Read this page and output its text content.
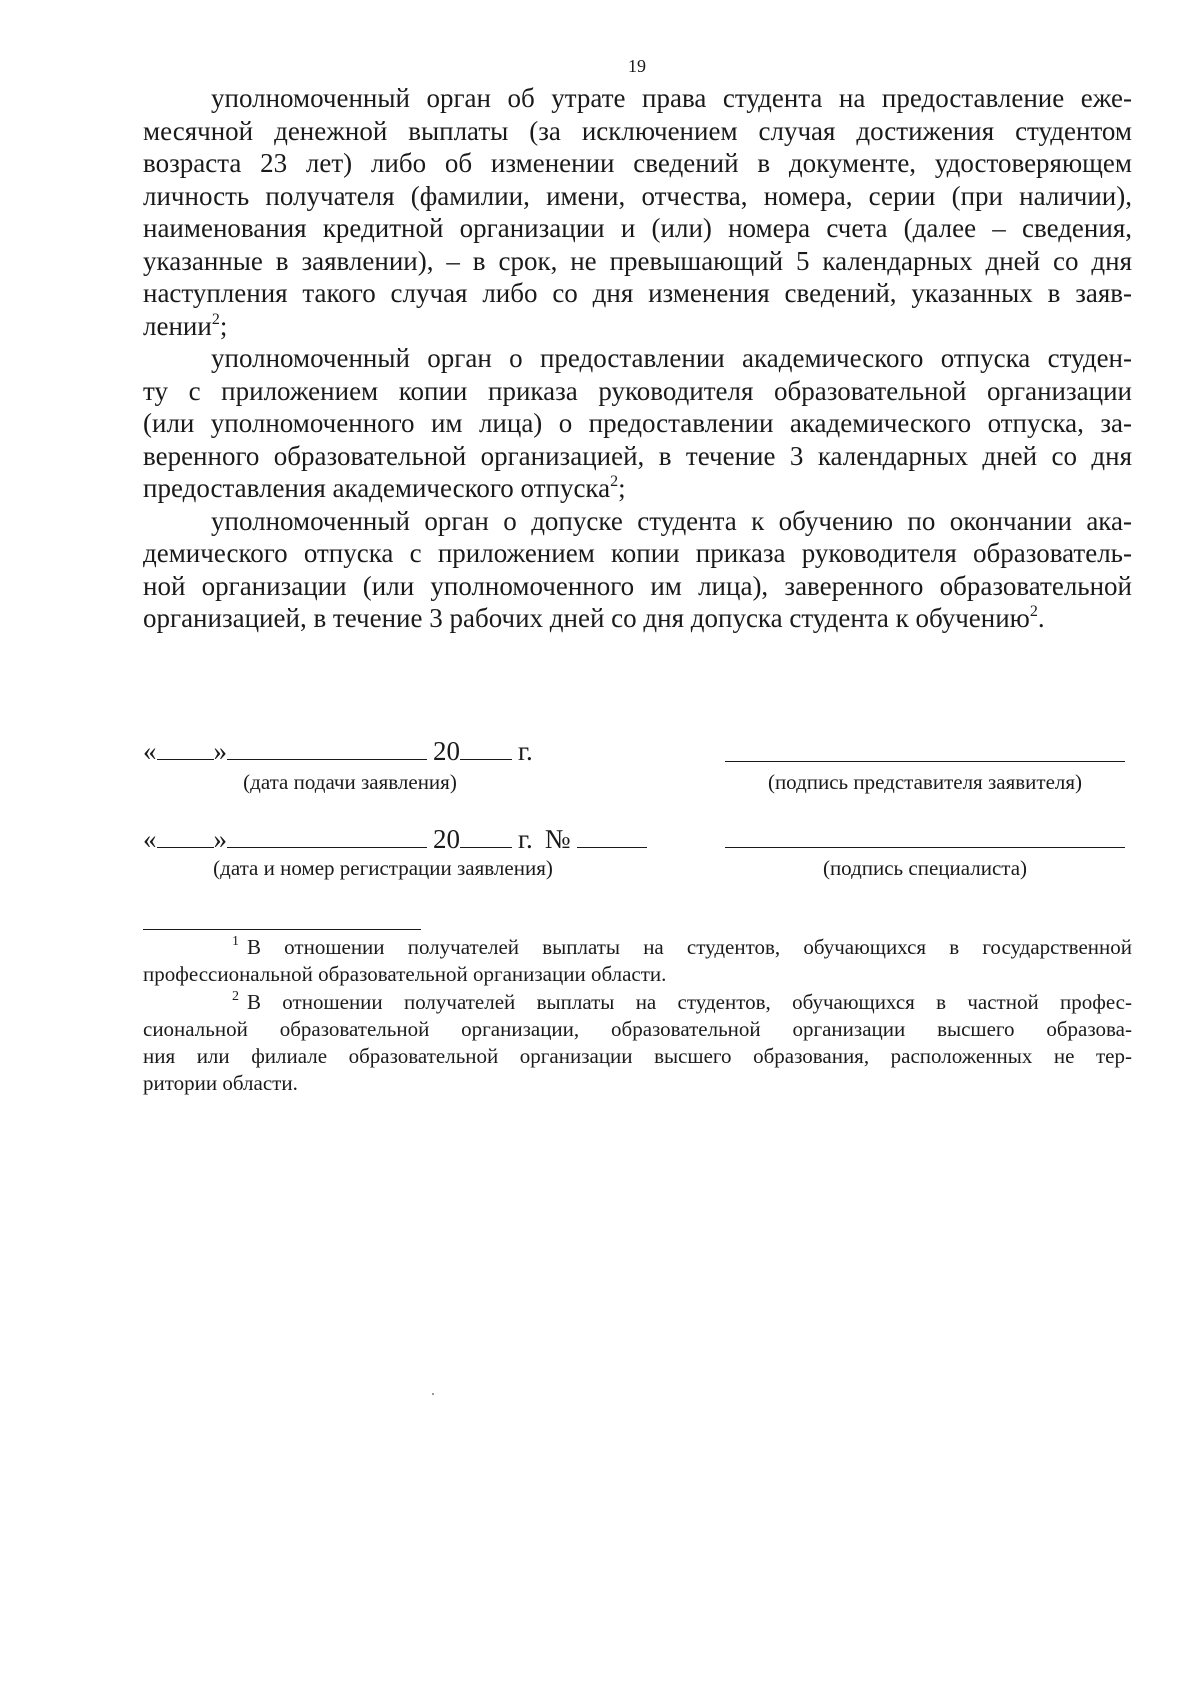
19
уполномоченный орган об утрате права студента на предоставление еже-
месячной денежной выплаты (за исключением случая достижения студентом
возраста 23 лет) либо об изменении сведений в документе, удостоверяющем
личность получателя (фамилии, имени, отчества, номера, серии (при наличии),
наименования кредитной организации и (или) номера счета (далее – сведения,
указанные в заявлении), – в срок, не превышающий 5 календарных дней со дня
наступления такого случая либо со дня изменения сведений, указанных в заяв-
лении$^2$;
уполномоченный орган о предоставлении академического отпуска студен-
ту с приложением копии приказа руководителя образовательной организации
(или уполномоченного им лица) о предоставлении академического отпуска, за-
веренного образовательной организацией, в течение 3 календарных дней со дня
предоставления академического отпуска$^2$;
уполномоченный орган о допуске студента к обучению по окончании ака-
демического отпуска с приложением копии приказа руководителя образователь-
ной организации (или уполномоченного им лица), заверенного образовательной
организацией, в течение 3 рабочих дней со дня допуска студента к обучению$^2$.
« »	20 г.
(дата подачи заявления)	(подпись представителя заявителя)
« »	20 г. №
(дата и номер регистрации заявления)	(подпись специалиста)
$^1$ В отношении получателей выплаты на студентов, обучающихся в государственной
профессиональной образовательной организации области.
$^2$ В отношении получателей выплаты на студентов, обучающихся в частной профес-
сиональной образовательной организации, образовательной организации высшего образова-
ния или филиале образовательной организации высшего образования, расположенных не тер-
ритории области.
